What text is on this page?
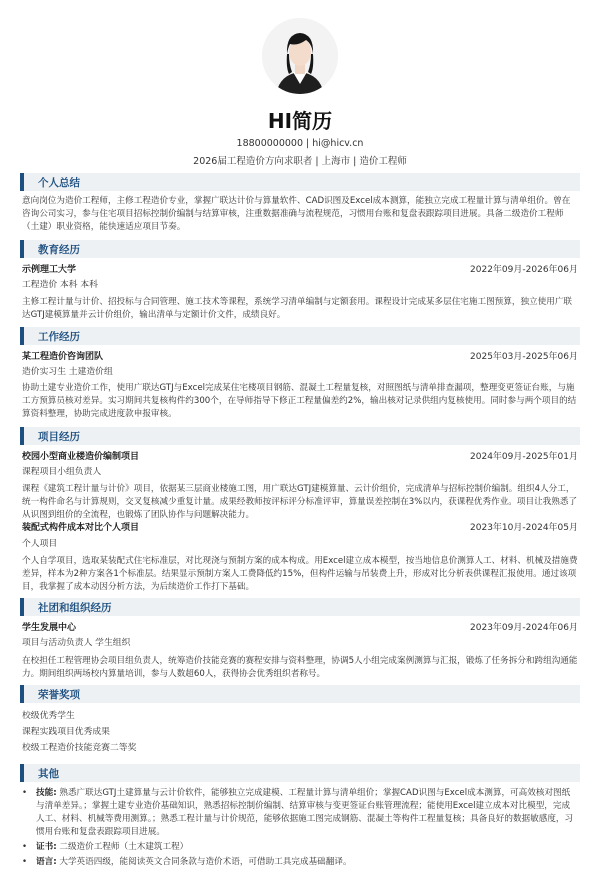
HI简历
18800000000 | hi@hicv.cn
2026届工程造价方向求职者 | 上海市 | 造价工程师
个人总结
意向岗位为造价工程师，主修工程造价专业，掌握广联达计价与算量软件、CAD识图及Excel成本测算，能独立完成工程量计算与清单组价。曾在咨询公司实习，参与住宅项目招标控制价编制与结算审核，注重数据准确与流程规范，习惯用台账和复盘表跟踪项目进展。具备二级造价工程师（土建）职业资格，能快速适应项目节奏。
教育经历
示例理工大学	2022年09月-2026年06月
工程造价 本科 本科
主修工程计量与计价、招投标与合同管理、施工技术等课程，系统学习清单编制与定额套用。课程设计完成某多层住宅施工图预算，独立使用广联达GTJ建模算量并云计价组价，输出清单与定额计价文件，成绩良好。
工作经历
某工程造价咨询团队	2025年03月-2025年06月
造价实习生 土建造价组
协助土建专业造价工作，使用广联达GTJ与Excel完成某住宅楼项目钢筋、混凝土工程量复核，对照图纸与清单排查漏项，整理变更签证台账，与施工方预算员核对差异。实习期间共复核构件约300个，在导师指导下修正工程量偏差约2%，输出核对记录供组内复核使用。同时参与两个项目的结算资料整理，协助完成进度款申报审核。
项目经历
校园小型商业楼造价编制项目	2024年09月-2025年01月
课程项目小组负责人
课程《建筑工程计量与计价》项目，依据某三层商业楼施工图，用广联达GTJ建模算量、云计价组价，完成清单与招标控制价编制。组织4人分工，统一构件命名与计算规则，交叉复核减少重复计量。成果经教师按评标评分标准评审，算量误差控制在3%以内，获课程优秀作业。项目让我熟悉了从识图到组价的全流程，也锻炼了团队协作与问题解决能力。
装配式构件成本对比个人项目	2023年10月-2024年05月
个人项目
个人自学项目，选取某装配式住宅标准层，对比现浇与预制方案的成本构成。用Excel建立成本模型，按当地信息价测算人工、材料、机械及措施费差异，样本为2种方案各1个标准层。结果显示预制方案人工费降低约15%，但构件运输与吊装费上升，形成对比分析表供课程汇报使用。通过该项目，我掌握了成本动因分析方法，为后续造价工作打下基础。
社团和组织经历
学生发展中心	2023年09月-2024年06月
项目与活动负责人 学生组织
在校担任工程管理协会项目组负责人，统筹造价技能竞赛的赛程安排与资料整理，协调5人小组完成案例测算与汇报，锻炼了任务拆分和跨组沟通能力。期间组织两场校内算量培训，参与人数超60人，获得协会优秀组织者称号。
荣誉奖项
校级优秀学生
课程实践项目优秀成果
校级工程造价技能竞赛二等奖
其他
•	技能: 熟悉广联达GTJ土建算量与云计价软件，能够独立完成建模、工程量计算与清单组价；掌握CAD识图与Excel成本测算，可高效核对图纸与清单差异。；掌握土建专业造价基础知识，熟悉招标控制价编制、结算审核与变更签证台账管理流程；能使用Excel建立成本对比模型，完成人工、材料、机械等费用测算。；熟悉工程计量与计价规范，能够依据施工图完成钢筋、混凝土等构件工程量复核；具备良好的数据敏感度，习惯用台账和复盘表跟踪项目进展。
•	证书: 二级造价工程师（土木建筑工程）
•	语言: 大学英语四级，能阅读英文合同条款与造价术语，可借助工具完成基础翻译。
